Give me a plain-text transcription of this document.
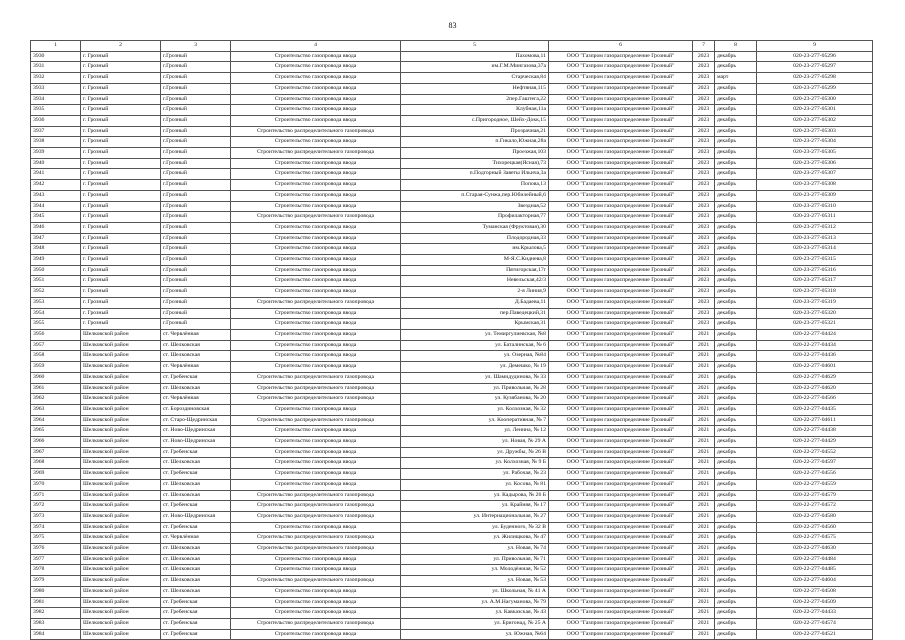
83
1	2	3	4	5	6	7	8	9
3930	г. Грозный	г.Грозный	Строительство газопровода ввода	Пахомова,11	ООО "Газпром газораспределение Грозный"	2023	декабрь	020-23-277-05296
3931	г. Грозный	г.Грозный	Строительство газопровода ввода	им.Г.М.Мингазова,37а	ООО "Газпром газораспределение Грозный"	2023	декабрь	020-23-277-05297
3932	г. Грозный	г.Грозный	Строительство газопровода ввода	Старческая,84	ООО "Газпром газораспределение Грозный"	2023	март	020-23-277-05298
3933	г. Грозный	г.Грозный	Строительство газопровода ввода	Нефтяная,115	ООО "Газпром газораспределение Грозный"	2023	декабрь	020-23-277-05299
3934	г. Грозный	г.Грозный	Строительство газопровода ввода	2пер.Гаштега,22	ООО "Газпром газораспределение Грозный"	2023	декабрь	020-23-277-05300
3935	г. Грозный	г.Грозный	Строительство газопровода ввода	Клубная,11а	ООО "Газпром газораспределение Грозный"	2023	декабрь	020-23-277-05301
3936	г. Грозный	г.Грозный	Строительство газопровода ввода	с.Пригородное, Шейх-Докк,15	ООО "Газпром газораспределение Грозный"	2023	декабрь	020-23-277-05302
3937	г. Грозный	г.Грозный	Строительство распределительного газопровода	Прозрачная,21	ООО "Газпром газораспределение Грозный"	2023	декабрь	020-23-277-05303
3938	г. Грозный	г.Грозный	Строительство газопровода ввода	п.Гикало,Южная,28а	ООО "Газпром газораспределение Грозный"	2023	декабрь	020-23-277-05304
3939	г. Грозный	г.Грозный	Строительство распределительного газопровода	Проезжая,103	ООО "Газпром газораспределение Грозный"	2023	декабрь	020-23-277-05305
3940	г. Грозный	г.Грозный	Строительство газопровода ввода	Тихорецкая(Ясная),73	ООО "Газпром газораспределение Грозный"	2023	декабрь	020-23-277-05306
3941	г. Грозный	г.Грозный	Строительство газопровода ввода	п.Подгорный Заветы Ильича,3а	ООО "Газпром газораспределение Грозный"	2023	декабрь	020-23-277-05307
3942	г. Грозный	г.Грозный	Строительство газопровода ввода	Попова,13	ООО "Газпром газораспределение Грозный"	2023	декабрь	020-23-277-05308
3943	г. Грозный	г.Грозный	Строительство газопровода ввода	п.Старая-Сунжа,пер.Юбилейный,6	ООО "Газпром газораспределение Грозный"	2023	декабрь	020-23-277-05309
3944	г. Грозный	г.Грозный	Строительство газопровода ввода	Звездная,52	ООО "Газпром газораспределение Грозный"	2023	декабрь	020-23-277-05310
3945	г. Грозный	г.Грозный	Строительство распределительного газопровода	Профилакторная,77	ООО "Газпром газораспределение Грозный"	2023	декабрь	020-23-277-05311
3946	г. Грозный	г.Грозный	Строительство газопровода ввода	Туманская (Фруктовая),30	ООО "Газпром газораспределение Грозный"	2023	декабрь	020-23-277-05312
3947	г. Грозный	г.Грозный	Строительство газопровода ввода	Плодородная,33	ООО "Газпром газораспределение Грозный"	2023	декабрь	020-23-277-05313
3948	г. Грозный	г.Грозный	Строительство газопровода ввода	им.Крылова,5	ООО "Газпром газораспределение Грозный"	2023	декабрь	020-23-277-05314
3949	г. Грозный	г.Грозный	Строительство газопровода ввода	М-Я.С.Киднева,8	ООО "Газпром газораспределение Грозный"	2023	декабрь	020-23-277-05315
3950	г. Грозный	г.Грозный	Строительство газопровода ввода	Пятигорская,17г	ООО "Газпром газораспределение Грозный"	2023	декабрь	020-23-277-05316
3951	г. Грозный	г.Грозный	Строительство газопровода ввода	Невельская,42/3	ООО "Газпром газораспределение Грозный"	2023	декабрь	020-23-277-05317
3952	г. Грозный	г.Грозный	Строительство газопровода ввода	2-я Линия,9	ООО "Газпром газораспределение Грозный"	2023	декабрь	020-23-277-05318
3953	г. Грозный	г.Грозный	Строительство распределительного газопровода	Д.Бадаева,11	ООО "Газпром газораспределение Грозный"	2023	декабрь	020-23-277-05319
3954	г. Грозный	г.Грозный	Строительство газопровода ввода	пер.Паведецкий,31	ООО "Газпром газораспределение Грозный"	2023	декабрь	020-23-277-05320
3955	г. Грозный	г.Грозный	Строительство газопровода ввода	Крымская,31	ООО "Газпром газораспределение Грозный"	2023	декабрь	020-23-277-05321
3956	Шелковской район	ст. Червлённая	Строительство газопровода ввода	ул. Темиргулиевская, №8	ООО "Газпром газораспределение Грозный"	2021	декабрь	020-22-277-04424
3957	Шелковской район	ст. Шелковская	Строительство газопровода ввода	ул. Баталинская, № 6	ООО "Газпром газораспределение Грозный"	2021	декабрь	020-22-277-04434
3958	Шелковской район	ст. Шелковская	Строительство газопровода ввода	ул. Озерная, №84	ООО "Газпром газораспределение Грозный"	2021	декабрь	020-22-277-04436
3959	Шелковской район	ст. Червлённая	Строительство газопровода ввода	ул. Демешко, № 19	ООО "Газпром газораспределение Грозный"	2021	декабрь	020-22-277-04601
3960	Шелковской район	ст. Гребенская	Строительство распределительного газопровода	ул. Шамидудинова, № 33	ООО "Газпром газораспределение Грозный"	2021	декабрь	020-22-277-04629
3961	Шелковской район	ст. Шелковская	Строительство распределительного газопровода	ул. Привольная, № 28	ООО "Газпром газораспределение Грозный"	2021	декабрь	020-22-277-04620
3962	Шелковской район	ст. Червлённая	Строительство распределительного газопровода	ул. Кузябанова, № 20	ООО "Газпром газораспределение Грозный"	2021	декабрь	020-22-277-04566
3963	Шелковской район	ст. Бороздиновская	Строительство газопровода ввода	ул. Колхозная, № 32	ООО "Газпром газораспределение Грозный"	2021	декабрь	020-22-277-04435
3964	Шелковской район	ст. Старо-Щедринская	Строительство распределительного газопровода	ул. Кооперативная, № 7	ООО "Газпром газораспределение Грозный"	2021	декабрь	020-22-277-04611
3965	Шелковской район	ст. Ново-Щедринская	Строительство газопровода ввода	ул. Ленина, № 12	ООО "Газпром газораспределение Грозный"	2021	декабрь	020-22-277-04438
3966	Шелковской район	ст. Ново-Щедринская	Строительство газопровода ввода	ул. Новая, № 29 А	ООО "Газпром газораспределение Грозный"	2021	декабрь	020-22-277-04429
3967	Шелковской район	ст. Гребенская	Строительство газопровода ввода	ул. Дружбы, № 26 В	ООО "Газпром газораспределение Грозный"	2021	декабрь	020-22-277-04552
3968	Шелковской район	ст. Шелковская	Строительство газопровода ввода	ул. Колхозная, № 9 Б	ООО "Газпром газораспределение Грозный"	2021	декабрь	020-22-277-04597
3969	Шелковской район	ст. Гребенская	Строительство газопровода ввода	ул. Рабочая, № 23	ООО "Газпром газораспределение Грозный"	2021	декабрь	020-22-277-04556
3970	Шелковской район	ст. Шелковская	Строительство газопровода ввода	ул. Косова, № 81	ООО "Газпром газораспределение Грозный"	2021	декабрь	020-22-277-04559
3971	Шелковской район	ст. Шелковская	Строительство распределительного газопровода	ул. Кадырова, № 26 Б	ООО "Газпром газораспределение Грозный"	2021	декабрь	020-22-277-04579
3972	Шелковской район	ст. Гребенская	Строительство распределительного газопровода	ул. Крайняя, № 17	ООО "Газпром газораспределение Грозный"	2021	декабрь	020-22-277-04572
3973	Шелковской район	ст. Ново-Щедринская	Строительство распределительного газопровода	ул. Интернациональная, № 27	ООО "Газпром газораспределение Грозный"	2021	декабрь	020-22-277-04580
3974	Шелковской район	ст. Гребенская	Строительство газопровода ввода	ул. Буденного, № 32 В	ООО "Газпром газораспределение Грозный"	2021	декабрь	020-22-277-04560
3975	Шелковской район	ст. Червлённая	Строительство распределительного газопровода	ул. Жилищкова, № 47	ООО "Газпром газораспределение Грозный"	2021	декабрь	020-22-277-04575
3976	Шелковской район	ст. Шелковская	Строительство распределительного газопровода	ул. Новая, № 74	ООО "Газпром газораспределение Грозный"	2021	декабрь	020-22-277-04630
3977	Шелковской район	ст. Шелковская	Строительство газопровода ввода	ул. Привольная, № 71	ООО "Газпром газораспределение Грозный"	2021	декабрь	020-22-277-04484
3978	Шелковской район	ст. Шелковская	Строительство газопровода ввода	ул. Молодёжная, № 52	ООО "Газпром газораспределение Грозный"	2021	декабрь	020-22-277-04485
3979	Шелковской район	ст. Шелковская	Строительство распределительного газопровода	ул. Новая, № 53	ООО "Газпром газораспределение Грозный"	2021	декабрь	020-22-277-04604
3980	Шелковской район	ст. Шелковская	Строительство газопровода ввода	ул. Школьная, № 41 А	ООО "Газпром газораспределение Грозный"	2021	декабрь	020-22-277-04508
3981	Шелковской район	ст. Гребенская	Строительство газопровода ввода	ул. А.М.Нагуманова, № 79	ООО "Газпром газораспределение Грозный"	2021	декабрь	020-22-277-04509
3982	Шелковской район	ст. Гребенская	Строительство газопровода ввода	ул. Кавказская, № 43	ООО "Газпром газораспределение Грозный"	2021	декабрь	020-22-277-04433
3983	Шелковской район	ст. Гребенская	Строительство распределительного газопровода	ул. Бригонад, № 25 А	ООО "Газпром газораспределение Грозный"	2021	декабрь	020-22-277-04574
3984	Шелковской район	ст. Гребенская	Строительство газопровода ввода	ул. Южная, №64	ООО "Газпром газораспределение Грозный"	2021	декабрь	020-22-277-04521
